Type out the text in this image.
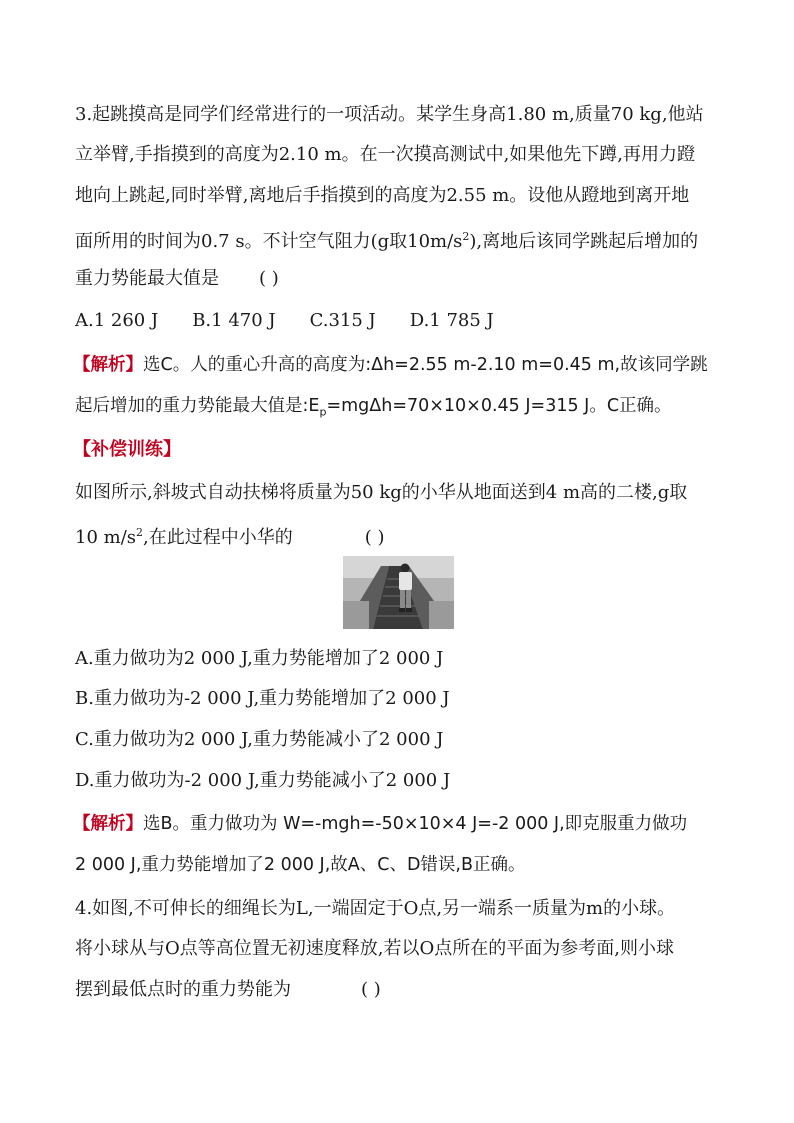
3.起跳摸高是同学们经常进行的一项活动。某学生身高1.80 m,质量70 kg,他站
立举臂,手指摸到的高度为2.10 m。在一次摸高测试中,如果他先下蹲,再用力蹬
地向上跳起,同时举臂,离地后手指摸到的高度为2.55 m。设他从蹬地到离开地
面所用的时间为0.7 s。不计空气阻力(g取$10m/s^2$),离地后该同学跳起后增加的
重力势能最大值是 ( )
A.1 260 J B.1 470 J C.315 J D.1 785 J
【解析】选C。人的重心升高的高度为:Δh=2.55 m-2.10 m=0.45 m,故该同学跳
起后增加的重力势能最大值是$:E_p=mg\Delta h=70\times 10\times 0.45$ J=315 J。C正确。
【补偿训练】
如图所示,斜坡式自动扶梯将质量为50 kg的小华从地面送到4 m高的二楼,g取
10 $m/s^2$,在此过程中小华的	( )
A.重力做功为2 000 J,重力势能增加了2 000 J
B.重力做功为-2 000 J,重力势能增加了2 000 J
C.重力做功为2 000 J,重力势能减小了2 000 J
D.重力做功为-2 000 J,重力势能减小了2 000 J
【解析】选B。重力做功为 W=-mgh=-50×10×4 J=-2 000 J,即克服重力做功
2 000 J,重力势能增加了2 000 J,故A、C、D错误,B正确。
4.如图,不可伸长的细绳长为L,一端固定于O点,另一端系一质量为m的小球。
将小球从与O点等高位置无初速度释放,若以O点所在的平面为参考面,则小球
摆到最低点时的重力势能为	( )
